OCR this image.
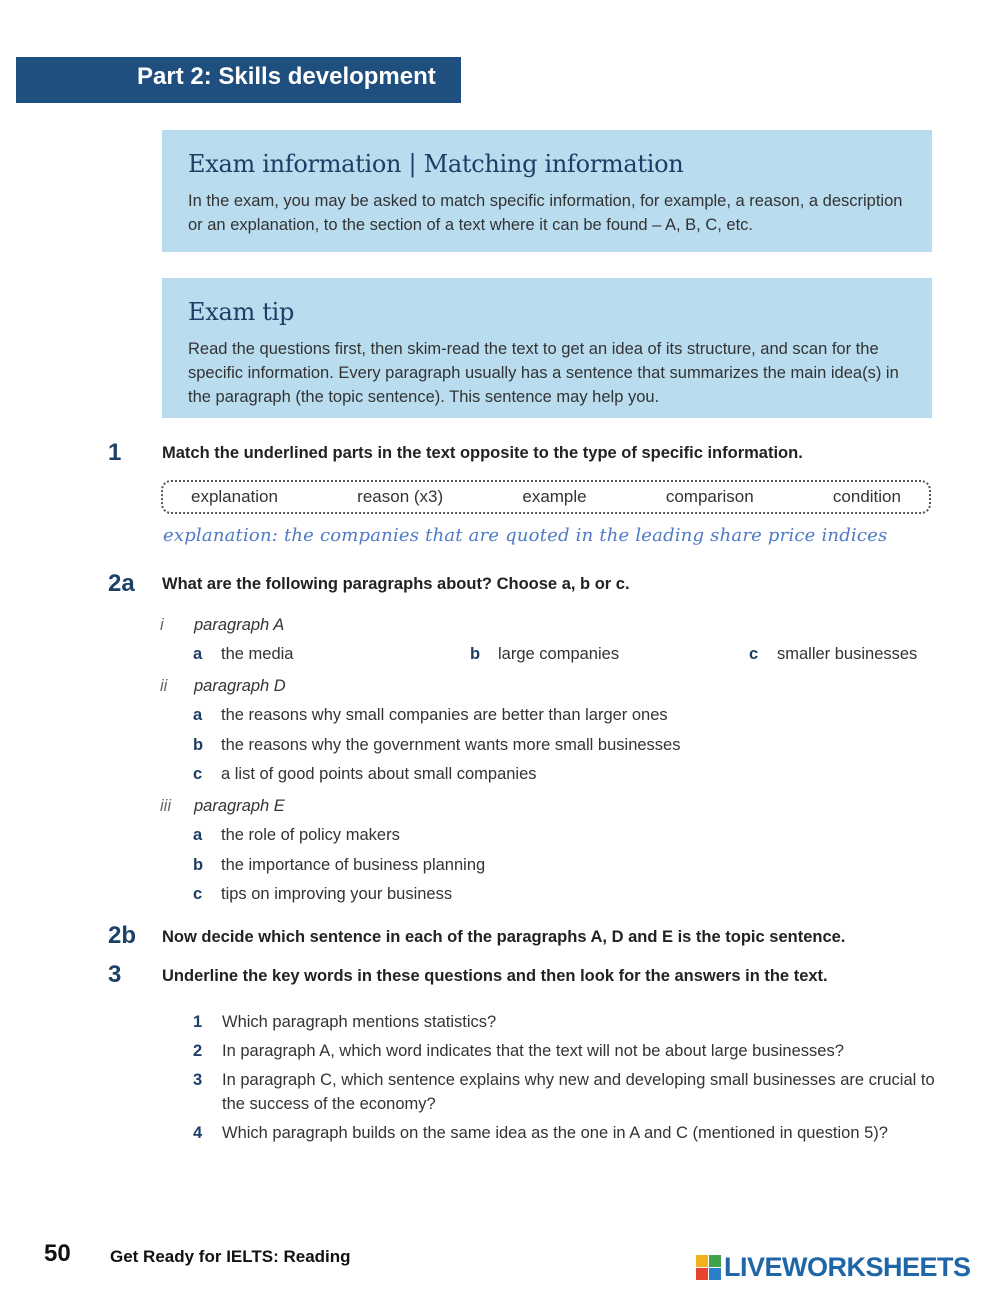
Part 2: Skills development
Exam information | Matching information
In the exam, you may be asked to match specific information, for example, a reason, a description or an explanation, to the section of a text where it can be found – A, B, C, etc.
Exam tip
Read the questions first, then skim-read the text to get an idea of its structure, and scan for the specific information. Every paragraph usually has a sentence that summarizes the main idea(s) in the paragraph (the topic sentence). This sentence may help you.
1 Match the underlined parts in the text opposite to the type of specific information.
explanation	reason (x3)	example	comparison	condition
explanation: the companies that are quoted in the leading share price indices
2a What are the following paragraphs about? Choose a, b or c.
i paragraph A
a the media	b large companies	c smaller businesses
ii paragraph D
a the reasons why small companies are better than larger ones
b the reasons why the government wants more small businesses
c a list of good points about small companies
iii paragraph E
a the role of policy makers
b the importance of business planning
c tips on improving your business
2b Now decide which sentence in each of the paragraphs A, D and E is the topic sentence.
3 Underline the key words in these questions and then look for the answers in the text.
1 Which paragraph mentions statistics?
2 In paragraph A, which word indicates that the text will not be about large businesses?
3 In paragraph C, which sentence explains why new and developing small businesses are crucial to the success of the economy?
4 Which paragraph builds on the same idea as the one in A and C (mentioned in question 5)?
50 Get Ready for IELTS: Reading	LIVEWORKSHEETS
